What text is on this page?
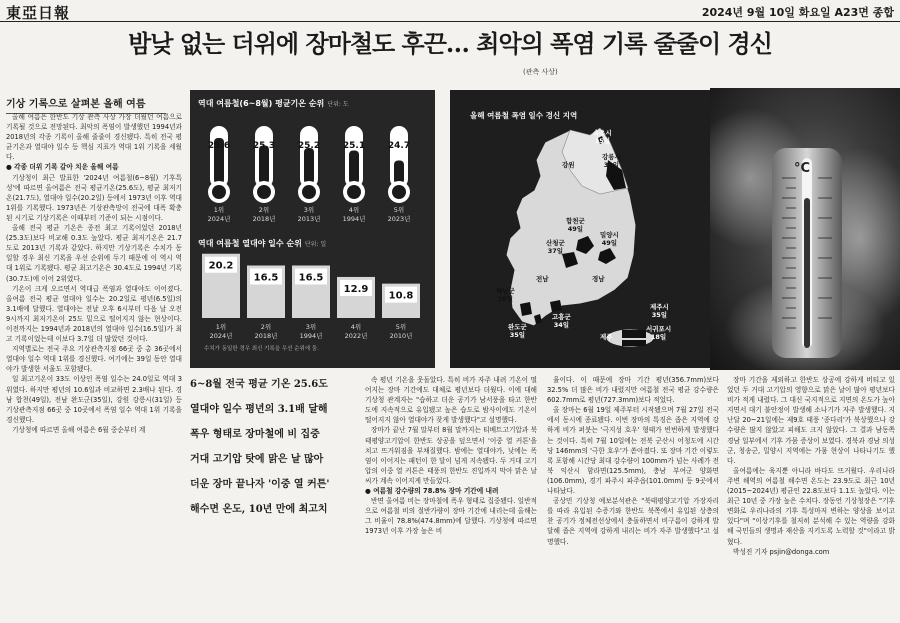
東亞日報	2024년 9월 10일 화요일 A23면 종합
밤낮 없는 더위에 장마철도 후끈… 최악의 폭염 기록 줄줄이 경신
(관측 사상)
기상 기록으로 살펴본 올해 여름

올해 여름은 한반도 기상 관측 사상 가장 더웠던 여름으로 기록될 것으로 전망된다. 최악의 폭염이 발생했던 1994년과 2018년의 각종 기록이 올해 줄줄이 경신됐다. 특히 전국 평균기온과 열대야 일수 등 핵심 지표가 역대 1위 기록을 세웠다.

● 각종 더위 기록 갈아 치운 올해 여름

기상청이 최근 발표한 '2024년 여름철(6~8월) 기후특성'에 따르면 올여름은 전국 평균기온(25.6도), 평균 최저기온(21.7도), 열대야 일수(20.2일) 등에서 1973년 이후 역대 1위를 기록했다. 1973년은 기상관측망이 전국에 대폭 확충된 시기로 기상기록은 이때부터 기준이 되는 시점이다.

올해 전국 평균 기온은 종전 최고 기록이었던 2018년(25.3도)보다 비교해 0.3도 높았다. 평균 최저기온은 21.7도로 2013년 기록과 같았다. 하지만 기상기록은 수치가 동일할 경우 최신 기록을 우선 순위에 두기 때문에 이 역시 역대 1위로 기록됐다. 평균 최고기온은 30.4도로 1994년 기록(30.7도)에 이어 2위였다.

기온이 크게 오르면서 역대급 폭염과 열대야도 이어졌다. 올여름 전국 평균 열대야 일수는 20.2일로 평년(6.5일)의 3.1배에 달했다. 열대야는 전날 오후 6시부터 다음 날 오전 9시까지 최저기온이 25도 밑으로 떨어지지 않는 현상이다. 이전까지는 1994년과 2018년의 열대야 일수(16.5일)가 최고 기록이었는데 이보다 3.7일 더 많았던 것이다.

지역별로는 전국 주요 기상관측지점 66곳 중 총 36곳에서 열대야 일수 역대 1위를 경신했다. 여기에는 39일 동안 열대야가 발생한 서울도 포함됐다.

일 최고기온이 33도 이상인 폭염 일수는 24.0일로 역대 3위였다. 하지만 평년의 10.6일과 비교하면 2.3배나 된다. 경남 합천(49일), 전남 완도군(35일), 강원 강릉시(31일) 등 기상관측지점 66곳 중 10곳에서 폭염 일수 역대 1위 기록을 경신했다.

기상청에 따르면 올해 여름은 6월 중순부터 계

역대 여름철(6~8월) 평균기온 순위 단위: 도
역대 여름철 열대야 일수 순위 단위: 일
25.6
1위
2024년
25.3
2위
2018년
25.2
3위
2013년
25.1
4위
1994년
24.7
5위
2023년
20.2
1위
2024년
16.5
2위
2018년
16.5
3위
1994년
12.9
4위
2022년
10.8
5위
2010년
수치가 동일한 경우 최신 기록을 우선 순위에 둠.
올해 여름철 폭염 일수 경신 지역
속초시
15일
강원
강릉시
31일
합천군
49일
밀양시
49일
산청군
37일
경남
전남
해남군
28일
완도군
35일
고흥군
34일
제주시
35일
서귀포시
18일
제주
°C
6~8월 전국 평균 기온 25.6도
열대야 일수 평년의 3.1배 달해
폭우 형태로 장마철에 비 집중
거대 고기압 탓에 맑은 날 많아
더운 장마 끝나자 '이중 열 커튼'
해수면 온도, 10년 만에 최고치

속 평년 기온을 웃돌았다. 특히 비가 자주 내려 기온이 떨어지는 장마 기간에도 대체로 평년보다 더웠다. 이에 대해 기상청 관계자는 "습하고 더운 공기가 남서풍을 타고 한반도에 지속적으로 유입됐고 높은 습도로 밤사이에도 기온이 떨어지지 않아 열대야가 잦게 발생했다"고 설명했다.

장마가 끝난 7월 말부터 8월 말까지는 티베트고기압과 북태평양고기압이 한반도 상공을 덮으면서 '이중 열 커튼'을 치고 뜨거워짐을 부채질했다. 밤에는 열대야가, 낮에는 폭염이 이어지는 패턴이 한 달이 넘게 지속됐다. 두 거대 고기압의 이중 열 커튼은 태풍의 한반도 진입까지 막아 맑은 날씨가 계속 이어지게 만들었다.

● 여름철 강수량의 78.8% 장마 기간에 내려

반면 올여름 비는 장마철에 폭우 형태로 집중됐다. 일반적으로 여름철 비의 절반가량이 장마 기간에 내리는데 올해는 그 비율이 78.8%(474.8mm)에 달했다. 기상청에 따르면 1973년 이후 가장 높은 비

율이다. 이 때문에 장마 기간 평년(356.7mm)보다 32.5% 더 많은 비가 내렸지만 여름철 전국 평균 강수량은 602.7mm로 평년(727.3mm)보다 적었다.

올 장마는 6월 19일 제주부터 시작됐으며 7월 27일 전국에서 동시에 종료됐다. 이번 장마의 특징은 좁은 지역에 강하게 비가 퍼붓는 '극지성 호우' 형태가 빈번하게 발생했다는 것이다. 특히 7월 10일에는 전북 군산시 어청도에 시간당 146mm의 '극한 호우'가 쏟아졌다. 또 장마 기간 이렇도록 포함해 시간당 최대 강수량이 100mm가 넘는 사례가 전북 익산시 함라면(125.5mm), 충남 부여군 양화면(106.0mm), 경기 파주시 파주읍(101.0mm) 등 9곳에서 나타났다.

공상민 기상청 예보분석관은 "북태평양고기압 가장자리를 따라 유입된 수증기와 한반도 북쪽에서 유입된 상층의 찬 공기가 정체전선상에서 충돌하면서 비구름이 강하게 발달해 좁은 지역에 강하게 내리는 비가 자주 발생했다"고 설명했다.

장마 기간을 제외하고 한반도 상공에 강하게 버티고 있었던 두 거대 고기압의 영향으로 맑은 날이 많아 평년보다 비가 적게 내렸다. 그 대신 국지적으로 지면의 온도가 높아지면서 대기 불안정이 발생해 소나기가 자주 발생했다. 지난달 20~21일에는 제9호 태풍 '종다리'가 북상했으나 강수량은 많지 않았고 피해도 크지 않았다. 그 결과 남동쪽 경남 일부에서 기후 가뭄 증상이 보였다. 경북과 경남 의성군, 청송군, 밀양시 지역에는 가뭄 현상이 나타나기도 했다.

올여름에는 육지뿐 아니라 바다도 뜨거웠다. 우리나라 주변 해역의 여름철 해수면 온도는 23.9도로 최근 10년(2015~2024년) 평균인 22.8도보다 1.1도 높았다. 이는 최근 10년 중 가장 높은 수치다. 장동언 기상청장은 "기후변화로 우리나라의 기후 특성마저 변하는 양상을 보이고 있다"며 "이상기후를 철저히 분석해 수 있는 역량을 강화해 국민들의 생명과 재산을 지키도록 노력할 것"이라고 밝혔다.

박성진 기자 psjin@donga.com
